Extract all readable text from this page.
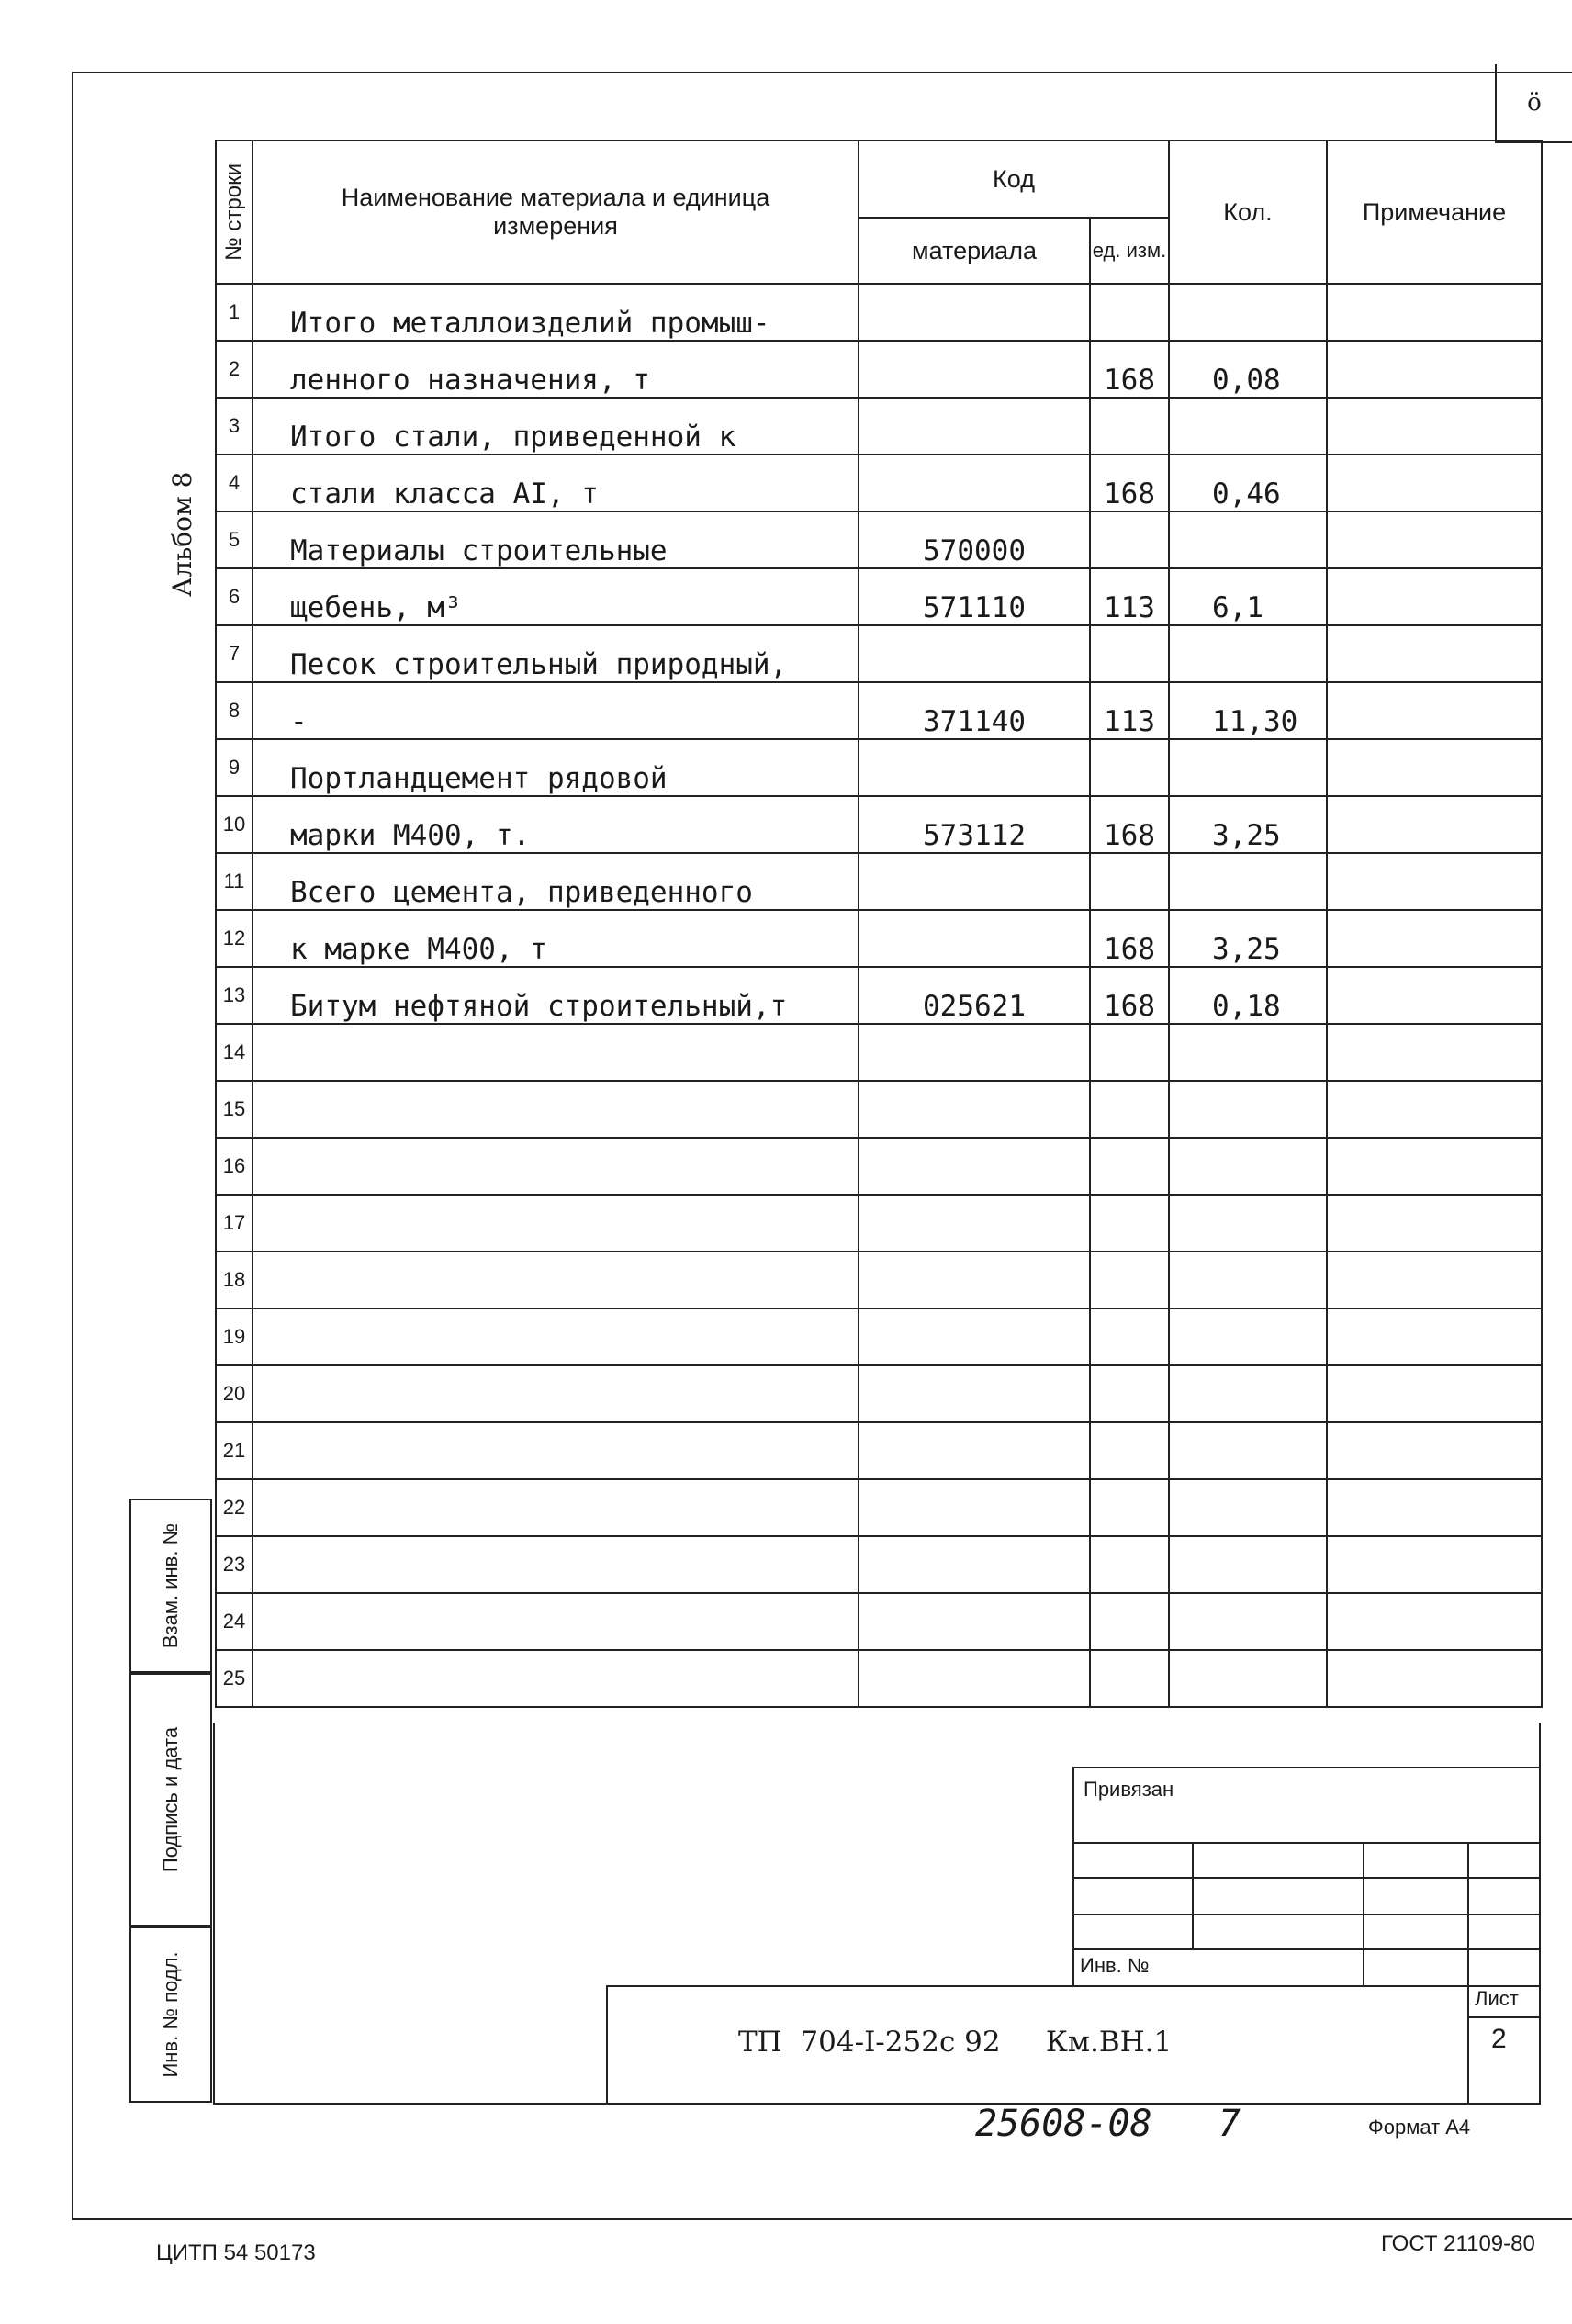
ö
Альбом 8
№ строки	Наименование материала и единица измерения	Код		Кол.	Примечание
		материала	ед. изм.		
1	Итого металлоизделий промыш-				
2	ленного назначения, т		168	0,08	
3	Итого стали, приведенной к				
4	стали класса AI, т		168	0,46	
5	Материалы строительные	570000			
6	щебень, м³	571110	113	6,1	
7	Песок строительный природный,				
8	-	371140	113	11,30	
9	Портландцемент рядовой				
10	марки М400, т.	573112	168	3,25	
11	Всего цемента, приведенного				
12	к марке М400, т		168	3,25	
13	Битум нефтяной строительный,т	025621	168	0,18	
14					
15					
16					
17					
18					
19					
20					
21					
22					
23					
24					
25					
Взам. инв. №
Подпись и дата
Инв. № подл.
Привязан
Инв. №
ТП  704-I-252с 92     Км.ВН.1
Лист
2
25608-08   7	Формат А4
ЦИТП 54 50173	ГОСТ 21109-80
